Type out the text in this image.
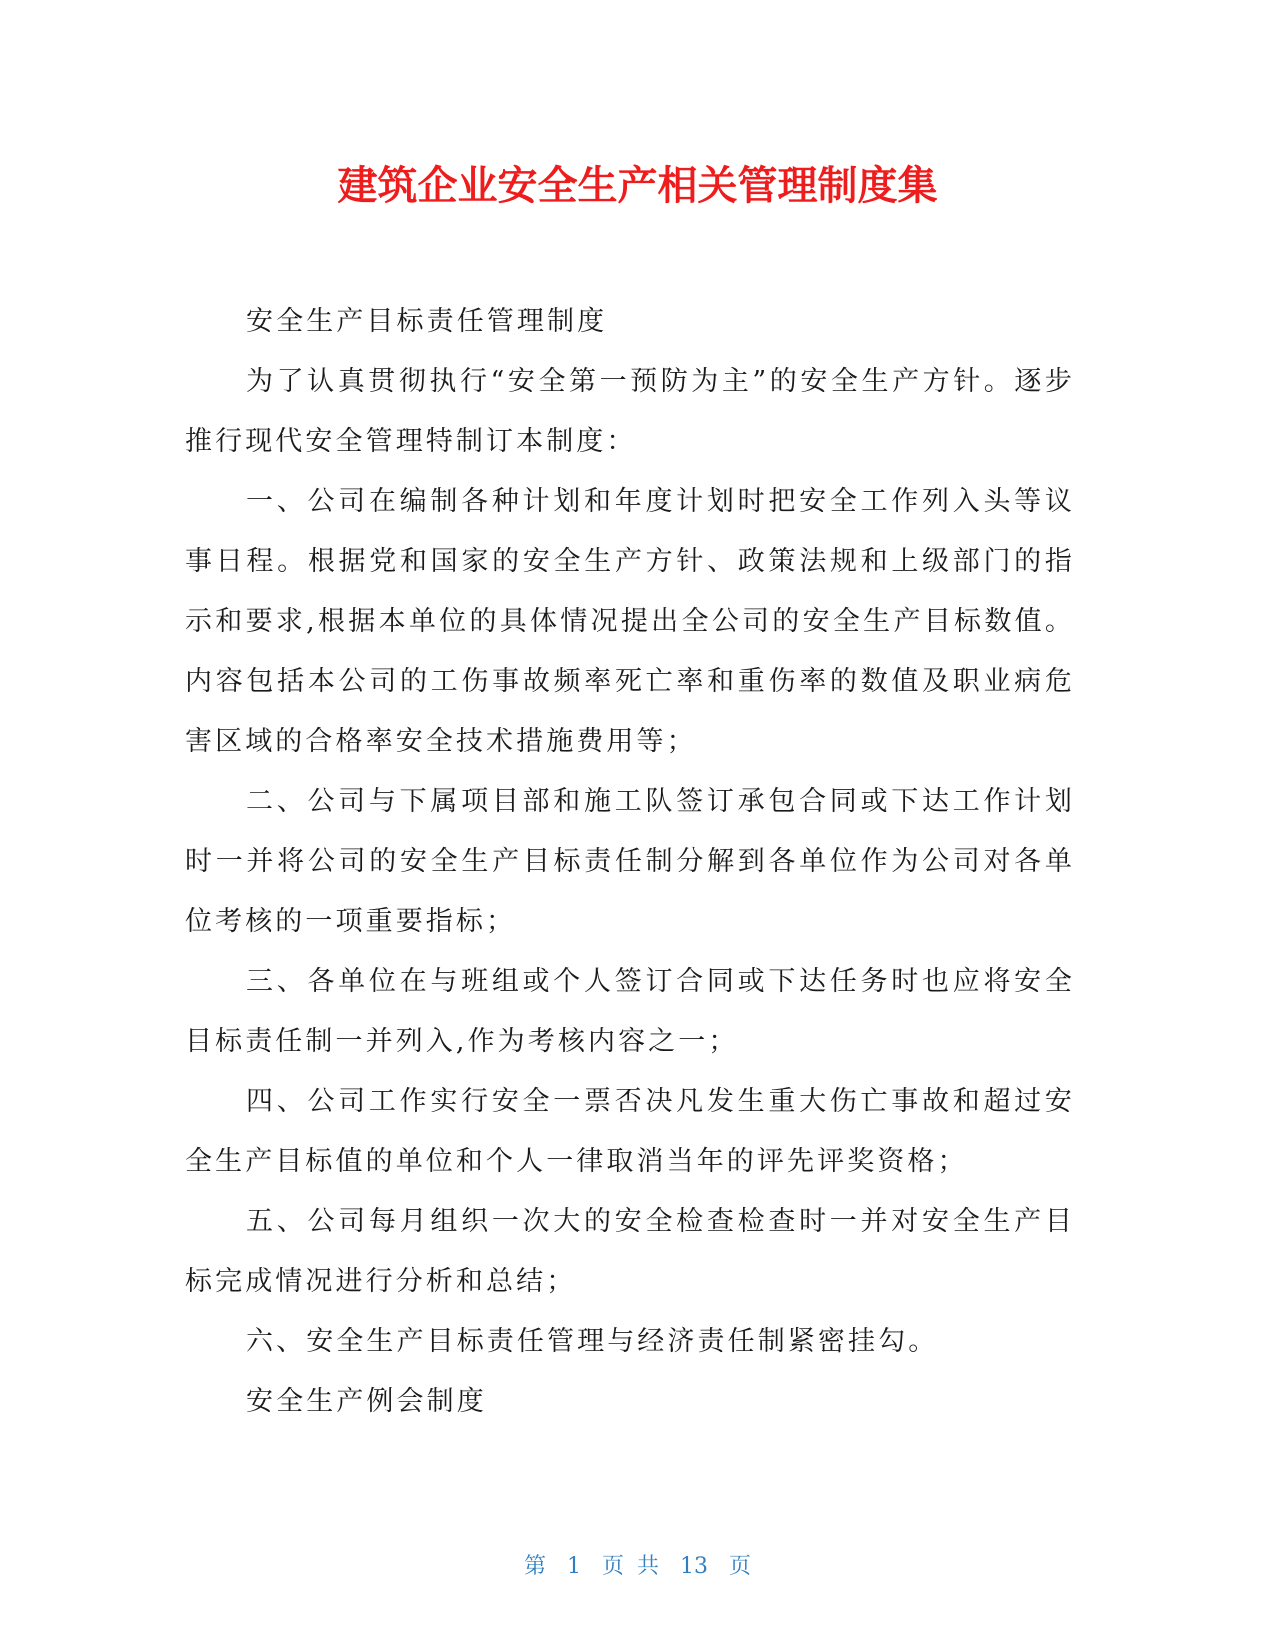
建筑企业安全生产相关管理制度集

安全生产目标责任管理制度

为了认真贯彻执行“安全第一预防为主”的安全生产方针。逐步推行现代安全管理特制订本制度：

一、公司在编制各种计划和年度计划时把安全工作列入头等议事日程。根据党和国家的安全生产方针、政策法规和上级部门的指示和要求,根据本单位的具体情况提出全公司的安全生产目标数值。内容包括本公司的工伤事故频率死亡率和重伤率的数值及职业病危害区域的合格率安全技术措施费用等；

二、公司与下属项目部和施工队签订承包合同或下达工作计划时一并将公司的安全生产目标责任制分解到各单位作为公司对各单位考核的一项重要指标；

三、各单位在与班组或个人签订合同或下达任务时也应将安全目标责任制一并列入,作为考核内容之一；

四、公司工作实行安全一票否决凡发生重大伤亡事故和超过安全生产目标值的单位和个人一律取消当年的评先评奖资格；

五、公司每月组织一次大的安全检查检查时一并对安全生产目标完成情况进行分析和总结；

六、安全生产目标责任管理与经济责任制紧密挂勾。

安全生产例会制度

第 1 页 共 13 页
